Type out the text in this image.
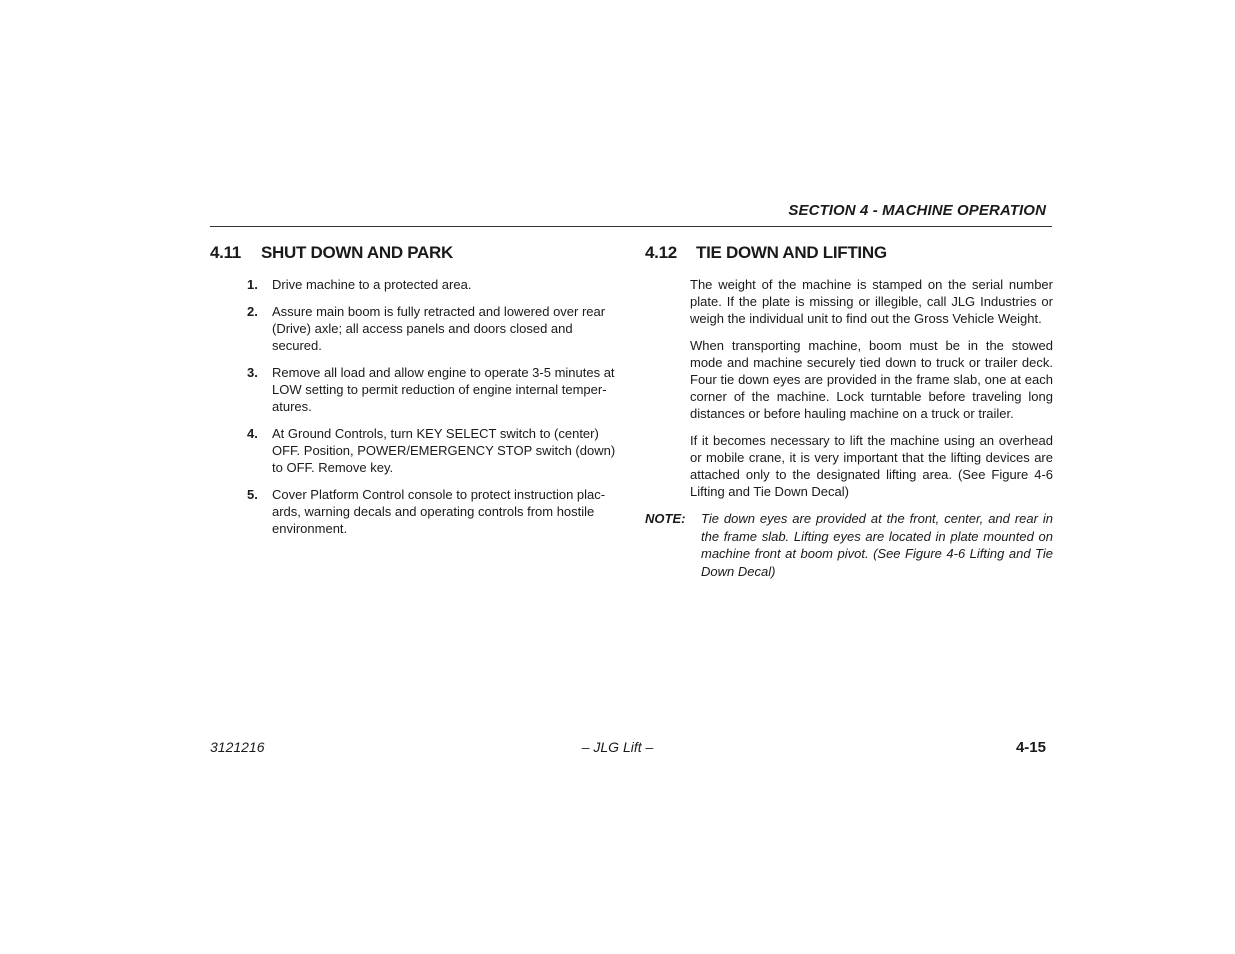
SECTION 4 - MACHINE OPERATION
4.11 SHUT DOWN AND PARK
1. Drive machine to a protected area.
2. Assure main boom is fully retracted and lowered over rear (Drive) axle; all access panels and doors closed and secured.
3. Remove all load and allow engine to operate 3-5 minutes at LOW setting to permit reduction of engine internal temper-atures.
4. At Ground Controls, turn KEY SELECT switch to (center) OFF. Position, POWER/EMERGENCY STOP switch (down) to OFF. Remove key.
5. Cover Platform Control console to protect instruction plac-ards, warning decals and operating controls from hostile environment.
4.12 TIE DOWN AND LIFTING

The weight of the machine is stamped on the serial number plate. If the plate is missing or illegible, call JLG Industries or weigh the individual unit to find out the Gross Vehicle Weight.

When transporting machine, boom must be in the stowed mode and machine securely tied down to truck or trailer deck. Four tie down eyes are provided in the frame slab, one at each corner of the machine. Lock turntable before traveling long distances or before hauling machine on a truck or trailer.

If it becomes necessary to lift the machine using an overhead or mobile crane, it is very important that the lifting devices are attached only to the designated lifting area. (See Figure 4-6 Lifting and Tie Down Decal)

NOTE: Tie down eyes are provided at the front, center, and rear in the frame slab. Lifting eyes are located in plate mounted on machine front at boom pivot. (See Figure 4-6 Lifting and Tie Down Decal)
3121216	– JLG Lift –	4-15
